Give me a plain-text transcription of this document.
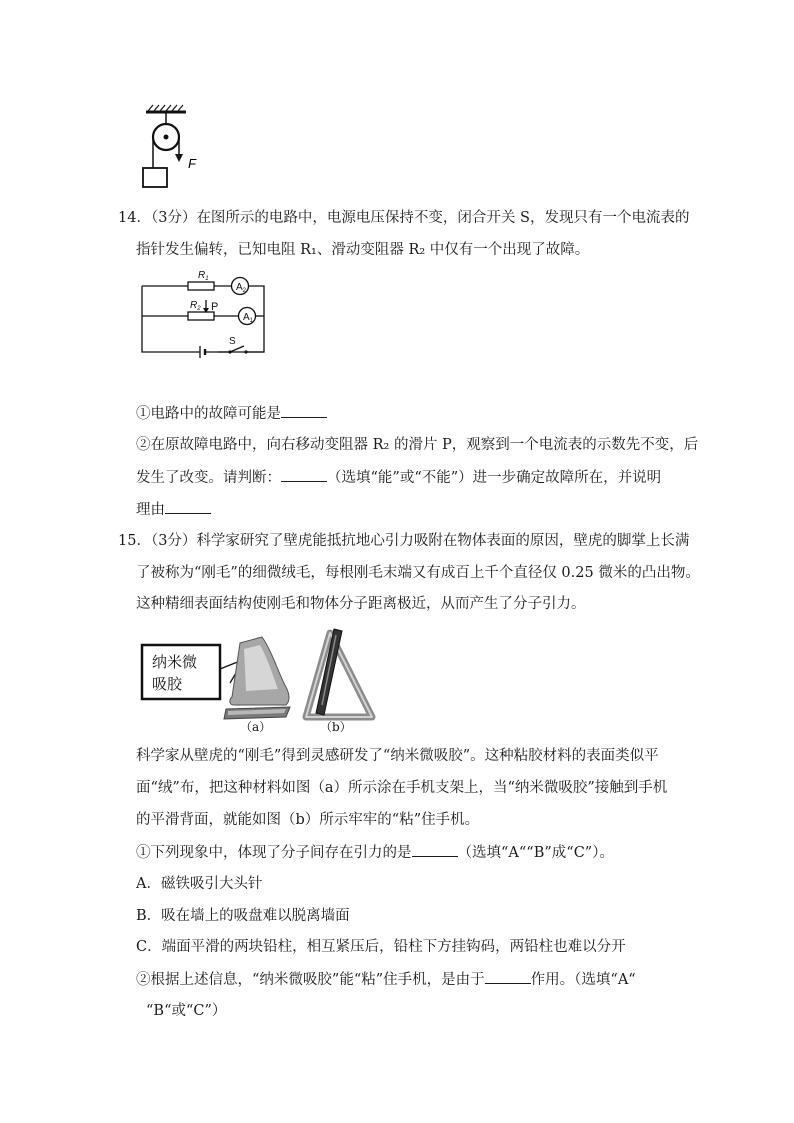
F
14．（3分）在图所示的电路中，电源电压保持不变，闭合开关 S，发现只有一个电流表的
指针发生偏转，已知电阻 R₁、滑动变阻器 R₂ 中仅有一个出现了故障。
$R_1$
$R_2$ P
$A_2$
$A_1$
S
①电路中的故障可能是
②在原故障电路中，向右移动变阻器 R₂ 的滑片 P，观察到一个电流表的示数先不变，后
发生了改变。请判断：	（选填“能”或“不能”）进一步确定故障所在，并说明
理由
15．（3分）科学家研究了壁虎能抵抗地心引力吸附在物体表面的原因，壁虎的脚掌上长满
了被称为“刚毛”的细微绒毛，每根刚毛末端又有成百上千个直径仅 0.25 微米的凸出物。
这种精细表面结构使刚毛和物体分子距离极近，从而产生了分子引力。
纳米微
吸胶
（a）	（b）
科学家从壁虎的“刚毛”得到灵感研发了“纳米微吸胶”。这种粘胶材料的表面类似平
面“绒”布，把这种材料如图（a）所示涂在手机支架上，当“纳米微吸胶”接触到手机
的平滑背面，就能如图（b）所示牢牢的“粘”住手机。
①下列现象中，体现了分子间存在引力的是	（选填“A““B”成“C”）。
A．磁铁吸引大头针
B．吸在墙上的吸盘难以脱离墙面
C．端面平滑的两块铅柱，相互紧压后，铅柱下方挂钩码，两铅柱也难以分开
②根据上述信息，“纳米微吸胶”能“粘”住手机，是由于	作用。（选填“A“
“B“或“C”）
